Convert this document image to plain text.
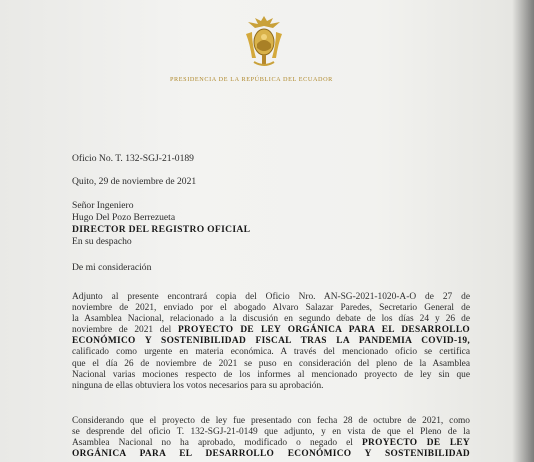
PRESIDENCIA DE LA REPÚBLICA DEL ECUADOR
Oficio No. T. 132-SGJ-21-0189
Quito, 29 de noviembre de 2021
Señor Ingeniero
Hugo Del Pozo Berrezueta
DIRECTOR DEL REGISTRO OFICIAL
En su despacho
De mi consideración
Adjunto al presente encontrará copia del Oficio Nro. AN-SG-2021-1020-A-O de 27 de
noviembre de 2021, enviado por el abogado Alvaro Salazar Paredes, Secretario General de
la Asamblea Nacional, relacionado a la discusión en segundo debate de los días 24 y 26 de
noviembre de 2021 del PROYECTO DE LEY ORGÁNICA PARA EL DESARROLLO
ECONÓMICO Y SOSTENIBILIDAD FISCAL TRAS LA PANDEMIA COVID-19,
calificado como urgente en materia económica. A través del mencionado oficio se certifica
que el día 26 de noviembre de 2021 se puso en consideración del pleno de la Asamblea
Nacional varias mociones respecto de los informes al mencionado proyecto de ley sin que
ninguna de ellas obtuviera los votos necesarios para su aprobación.
Considerando que el proyecto de ley fue presentado con fecha 28 de octubre de 2021, como
se desprende del oficio T. 132-SGJ-21-0149 que adjunto, y en vista de que el Pleno de la
Asamblea Nacional no ha aprobado, modificado o negado el PROYECTO DE LEY
ORGÁNICA PARA EL DESARROLLO ECONÓMICO Y SOSTENIBILIDAD
